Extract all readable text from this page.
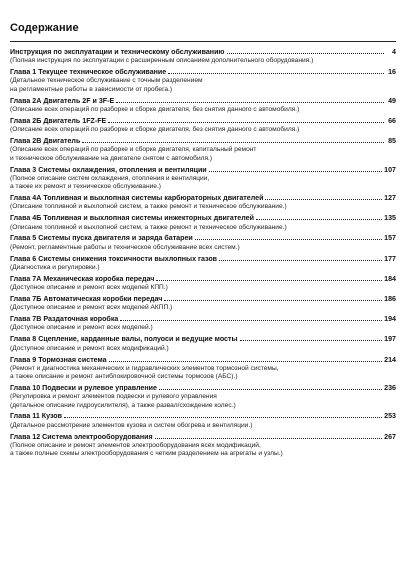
Содержание
Инструкция по эксплуатации и техническому обслуживанию	4
(Полная инструкция по эксплуатации с расширенным описанием дополнительного оборудования.)
Глава 1 Текущее техническое обслуживание	16
(Детальное техническое обслуживание с точным разделением
на регламентные работы в зависимости от пробега.)
Глава 2А Двигатель 2F и 3F-E	49
(Описание всех операций по разборке и сборке двигателя, без снятия данного с автомобиля.)
Глава 2Б Двигатель 1FZ-FE	66
(Описание всех операций по разборке и сборке двигателя, без снятия данного с автомобиля.)
Глава 2В Двигатель	85
(Описание всех операций по разборке и сборке двигателя, капитальный ремонт
и техническое обслуживание на двигателе снятом с автомобиля.)
Глава 3 Системы охлаждения, отопления и вентиляции	107
(Полное описание систем охлаждения, отопления и вентиляции,
а также их ремонт и техническое обслуживание.)
Глава 4А Топливная и выхлопная системы карбюраторных двигателей	127
(Описание топливной и выхлопной систем, а также ремонт и техническое обслуживание.)
Глава 4Б Топливная и выхлопная системы инжекторных двигателей	135
(Описание топливной и выхлопной систем, а также ремонт и техническое обслуживание.)
Глава 5 Системы пуска двигателя и заряда батареи	157
(Ремонт, регламентные работы и техническое обслуживание всех систем.)
Глава 6 Системы снижения токсичности выхлопных газов	177
(Диагностика и регулировки.)
Глава 7А Механическая коробка передач	184
(Доступное описание и ремонт всех моделей КПП.)
Глава 7Б Автоматическая коробки передач	186
(Доступное описание и ремонт всех моделей АКПП.)
Глава 7В Раздаточная коробка	194
(Доступное описание и ремонт всех моделей.)
Глава 8 Сцепление, карданные валы, полуоси и ведущие мосты	197
(Доступное описание и ремонт всех модификаций.)
Глава 9 Тормозная система	214
(Ремонт и диагностика механических и гидравлических элементов тормозной системы,
а также описание и ремонт антиблокировочной системы тормозов (АБС).)
Глава 10 Подвески и рулевое управление	236
(Регулировка и ремонт элементов подвески и рулевого управления
(детальное описание гидроусилителя), а также развал/схождение колес.)
Глава 11 Кузов	253
(Детальное рассмотрение элементов кузова и систем обогрева и вентиляции.)
Глава 12 Система электрооборудования	267
(Полное описание и ремонт элементов электрооборудования всех модификаций,
а также полные схемы электрооборудования с четким разделением на агрегаты и узлы.)
